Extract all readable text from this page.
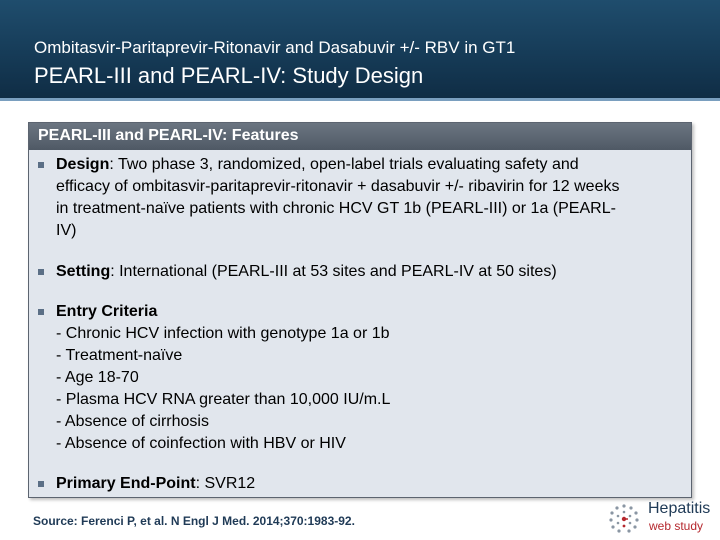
Ombitasvir-Paritaprevir-Ritonavir and Dasabuvir +/- RBV in GT1
PEARL-III and PEARL-IV: Study Design
PEARL-III and PEARL-IV: Features
Design: Two phase 3, randomized, open-label trials evaluating safety and
efficacy of ombitasvir-paritaprevir-ritonavir + dasabuvir +/- ribavirin for 12 weeks
in treatment-naïve patients with chronic HCV GT 1b (PEARL-III) or 1a (PEARL-
IV)
Setting: International (PEARL-III at 53 sites and PEARL-IV at 50 sites)
Entry Criteria
- Chronic HCV infection with genotype 1a or 1b
- Treatment-naïve
- Age 18-70
- Plasma HCV RNA greater than 10,000 IU/m.L
- Absence of cirrhosis
- Absence of coinfection with HBV or HIV
Primary End-Point: SVR12
Source: Ferenci P, et al. N Engl J Med. 2014;370:1983-92.
Hepatitis
web study
